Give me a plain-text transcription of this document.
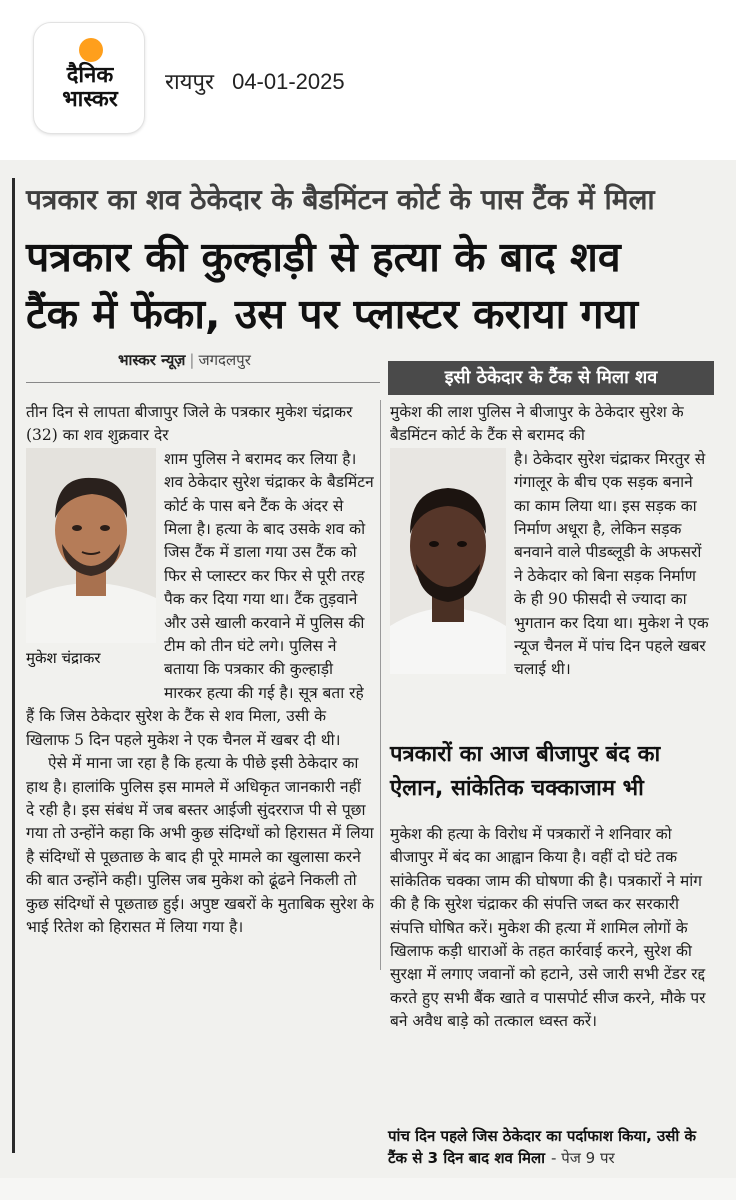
दैनिक
भास्कर
रायपुर 04-01-2025
पत्रकार का शव ठेकेदार के बैडमिंटन कोर्ट के पास टैंक में मिला
पत्रकार की कुल्हाड़ी से हत्या के बाद शव
टैंक में फेंका, उस पर प्लास्टर कराया गया
भास्कर न्यूज़ | जगदलपुर
इसी ठेकेदार के टैंक से मिला शव
तीन दिन से लापता बीजापुर जिले के पत्रकार मुकेश चंद्राकर (32) का शव शुक्रवार देर
मुकेश चंद्राकर
शाम पुलिस ने बरामद कर लिया है। शव ठेकेदार सुरेश चंद्राकर के बैडमिंटन कोर्ट के पास बने टैंक के अंदर से मिला है। हत्या के बाद उसके शव को जिस टैंक में डाला गया उस टैंक को फिर से प्लास्टर कर फिर से पूरी तरह पैक कर दिया गया था। टैंक तुड़वाने और उसे खाली करवाने में पुलिस की टीम को तीन घंटे लगे। पुलिस ने बताया कि पत्रकार की कुल्हाड़ी मारकर हत्या की गई है। सूत्र बता रहे हैं कि जिस ठेकेदार सुरेश के टैंक से शव मिला, उसी के खिलाफ 5 दिन पहले मुकेश ने एक चैनल में खबर दी थी।
ऐसे में माना जा रहा है कि हत्या के पीछे इसी ठेकेदार का हाथ है। हालांकि पुलिस इस मामले में अधिकृत जानकारी नहीं दे रही है। इस संबंध में जब बस्तर आईजी सुंदरराज पी से पूछा गया तो उन्होंने कहा कि अभी कुछ संदिग्धों को हिरासत में लिया है संदिग्धों से पूछताछ के बाद ही पूरे मामले का खुलासा करने की बात उन्होंने कही। पुलिस जब मुकेश को ढूंढने निकली तो कुछ संदिग्धों से पूछताछ हुई। अपुष्ट खबरों के मुताबिक सुरेश के भाई रितेश को हिरासत में लिया गया है।
मुकेश की लाश पुलिस ने बीजापुर के ठेकेदार सुरेश के बैडमिंटन कोर्ट के टैंक से बरामद की
है। ठेकेदार सुरेश चंद्राकर मिरतुर से गंगालूर के बीच एक सड़क बनाने का काम लिया था। इस सड़क का निर्माण अधूरा है, लेकिन सड़क बनवाने वाले पीडब्लूडी के अफसरों ने ठेकेदार को बिना सड़क निर्माण के ही 90 फीसदी से ज्यादा का भुगतान कर दिया था। मुकेश ने एक न्यूज चैनल में पांच दिन पहले खबर चलाई थी।
पत्रकारों का आज बीजापुर बंद का ऐलान, सांकेतिक चक्काजाम भी
मुकेश की हत्या के विरोध में पत्रकारों ने शनिवार को बीजापुर में बंद का आह्वान किया है। वहीं दो घंटे तक सांकेतिक चक्का जाम की घोषणा की है। पत्रकारों ने मांग की है कि सुरेश चंद्राकर की संपत्ति जब्त कर सरकारी संपत्ति घोषित करें। मुकेश की हत्या में शामिल लोगों के खिलाफ कड़ी धाराओं के तहत कार्रवाई करने, सुरेश की सुरक्षा में लगाए जवानों को हटाने, उसे जारी सभी टेंडर रद्द करते हुए सभी बैंक खाते व पासपोर्ट सीज करने, मौके पर बने अवैध बाड़े को तत्काल ध्वस्त करें।
पांच दिन पहले जिस ठेकेदार का पर्दाफाश किया, उसी के टैंक से 3 दिन बाद शव मिला - पेज 9 पर
